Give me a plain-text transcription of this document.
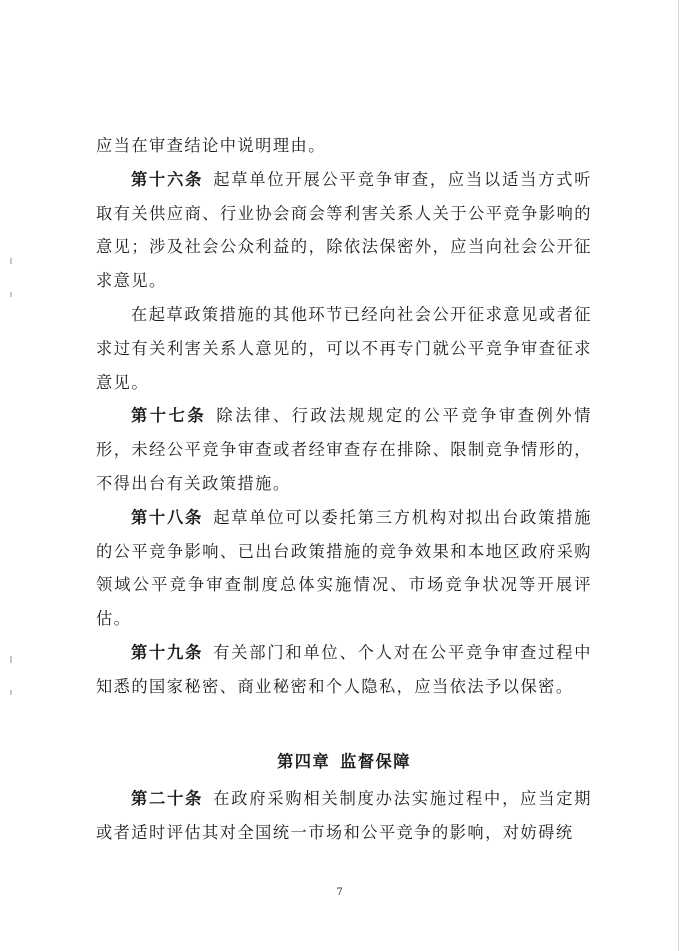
应当在审查结论中说明理由。

第十六条 起草单位开展公平竞争审查，应当以适当方式听取有关供应商、行业协会商会等利害关系人关于公平竞争影响的意见；涉及社会公众利益的，除依法保密外，应当向社会公开征求意见。

在起草政策措施的其他环节已经向社会公开征求意见或者征求过有关利害关系人意见的，可以不再专门就公平竞争审查征求意见。

第十七条 除法律、行政法规规定的公平竞争审查例外情形，未经公平竞争审查或者经审查存在排除、限制竞争情形的，不得出台有关政策措施。

第十八条 起草单位可以委托第三方机构对拟出台政策措施的公平竞争影响、已出台政策措施的竞争效果和本地区政府采购领域公平竞争审查制度总体实施情况、市场竞争状况等开展评估。

第十九条 有关部门和单位、个人对在公平竞争审查过程中知悉的国家秘密、商业秘密和个人隐私，应当依法予以保密。

第四章 监督保障

第二十条 在政府采购相关制度办法实施过程中，应当定期或者适时评估其对全国统一市场和公平竞争的影响，对妨碍统

7
